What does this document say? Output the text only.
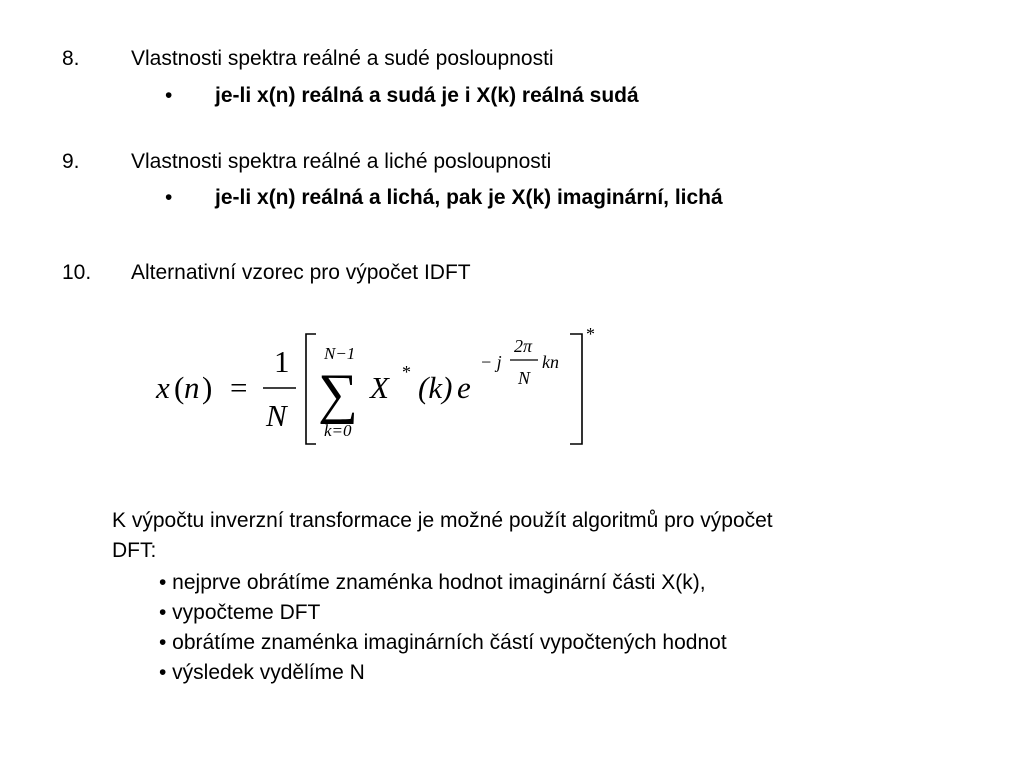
8. Vlastnosti spektra reálné a sudé posloupnosti
• je-li x(n) reálná a sudá je i X(k) reálná sudá
9. Vlastnosti spektra reálné a liché posloupnosti
• je-li x(n) reálná a lichá, pak je X(k) imaginární, lichá
10. Alternativní vzorec pro výpočet IDFT
x ( n ) =
1
N
N−1
∑
k=0
X * (k) e
− j
2π
N
kn
*
K výpočtu inverzní transformace je možné použít algoritmů pro výpočet
DFT:
• nejprve obrátíme znaménka hodnot imaginární části X(k),
• vypočteme DFT
• obrátíme znaménka imaginárních částí vypočtených hodnot
• výsledek vydělíme N
